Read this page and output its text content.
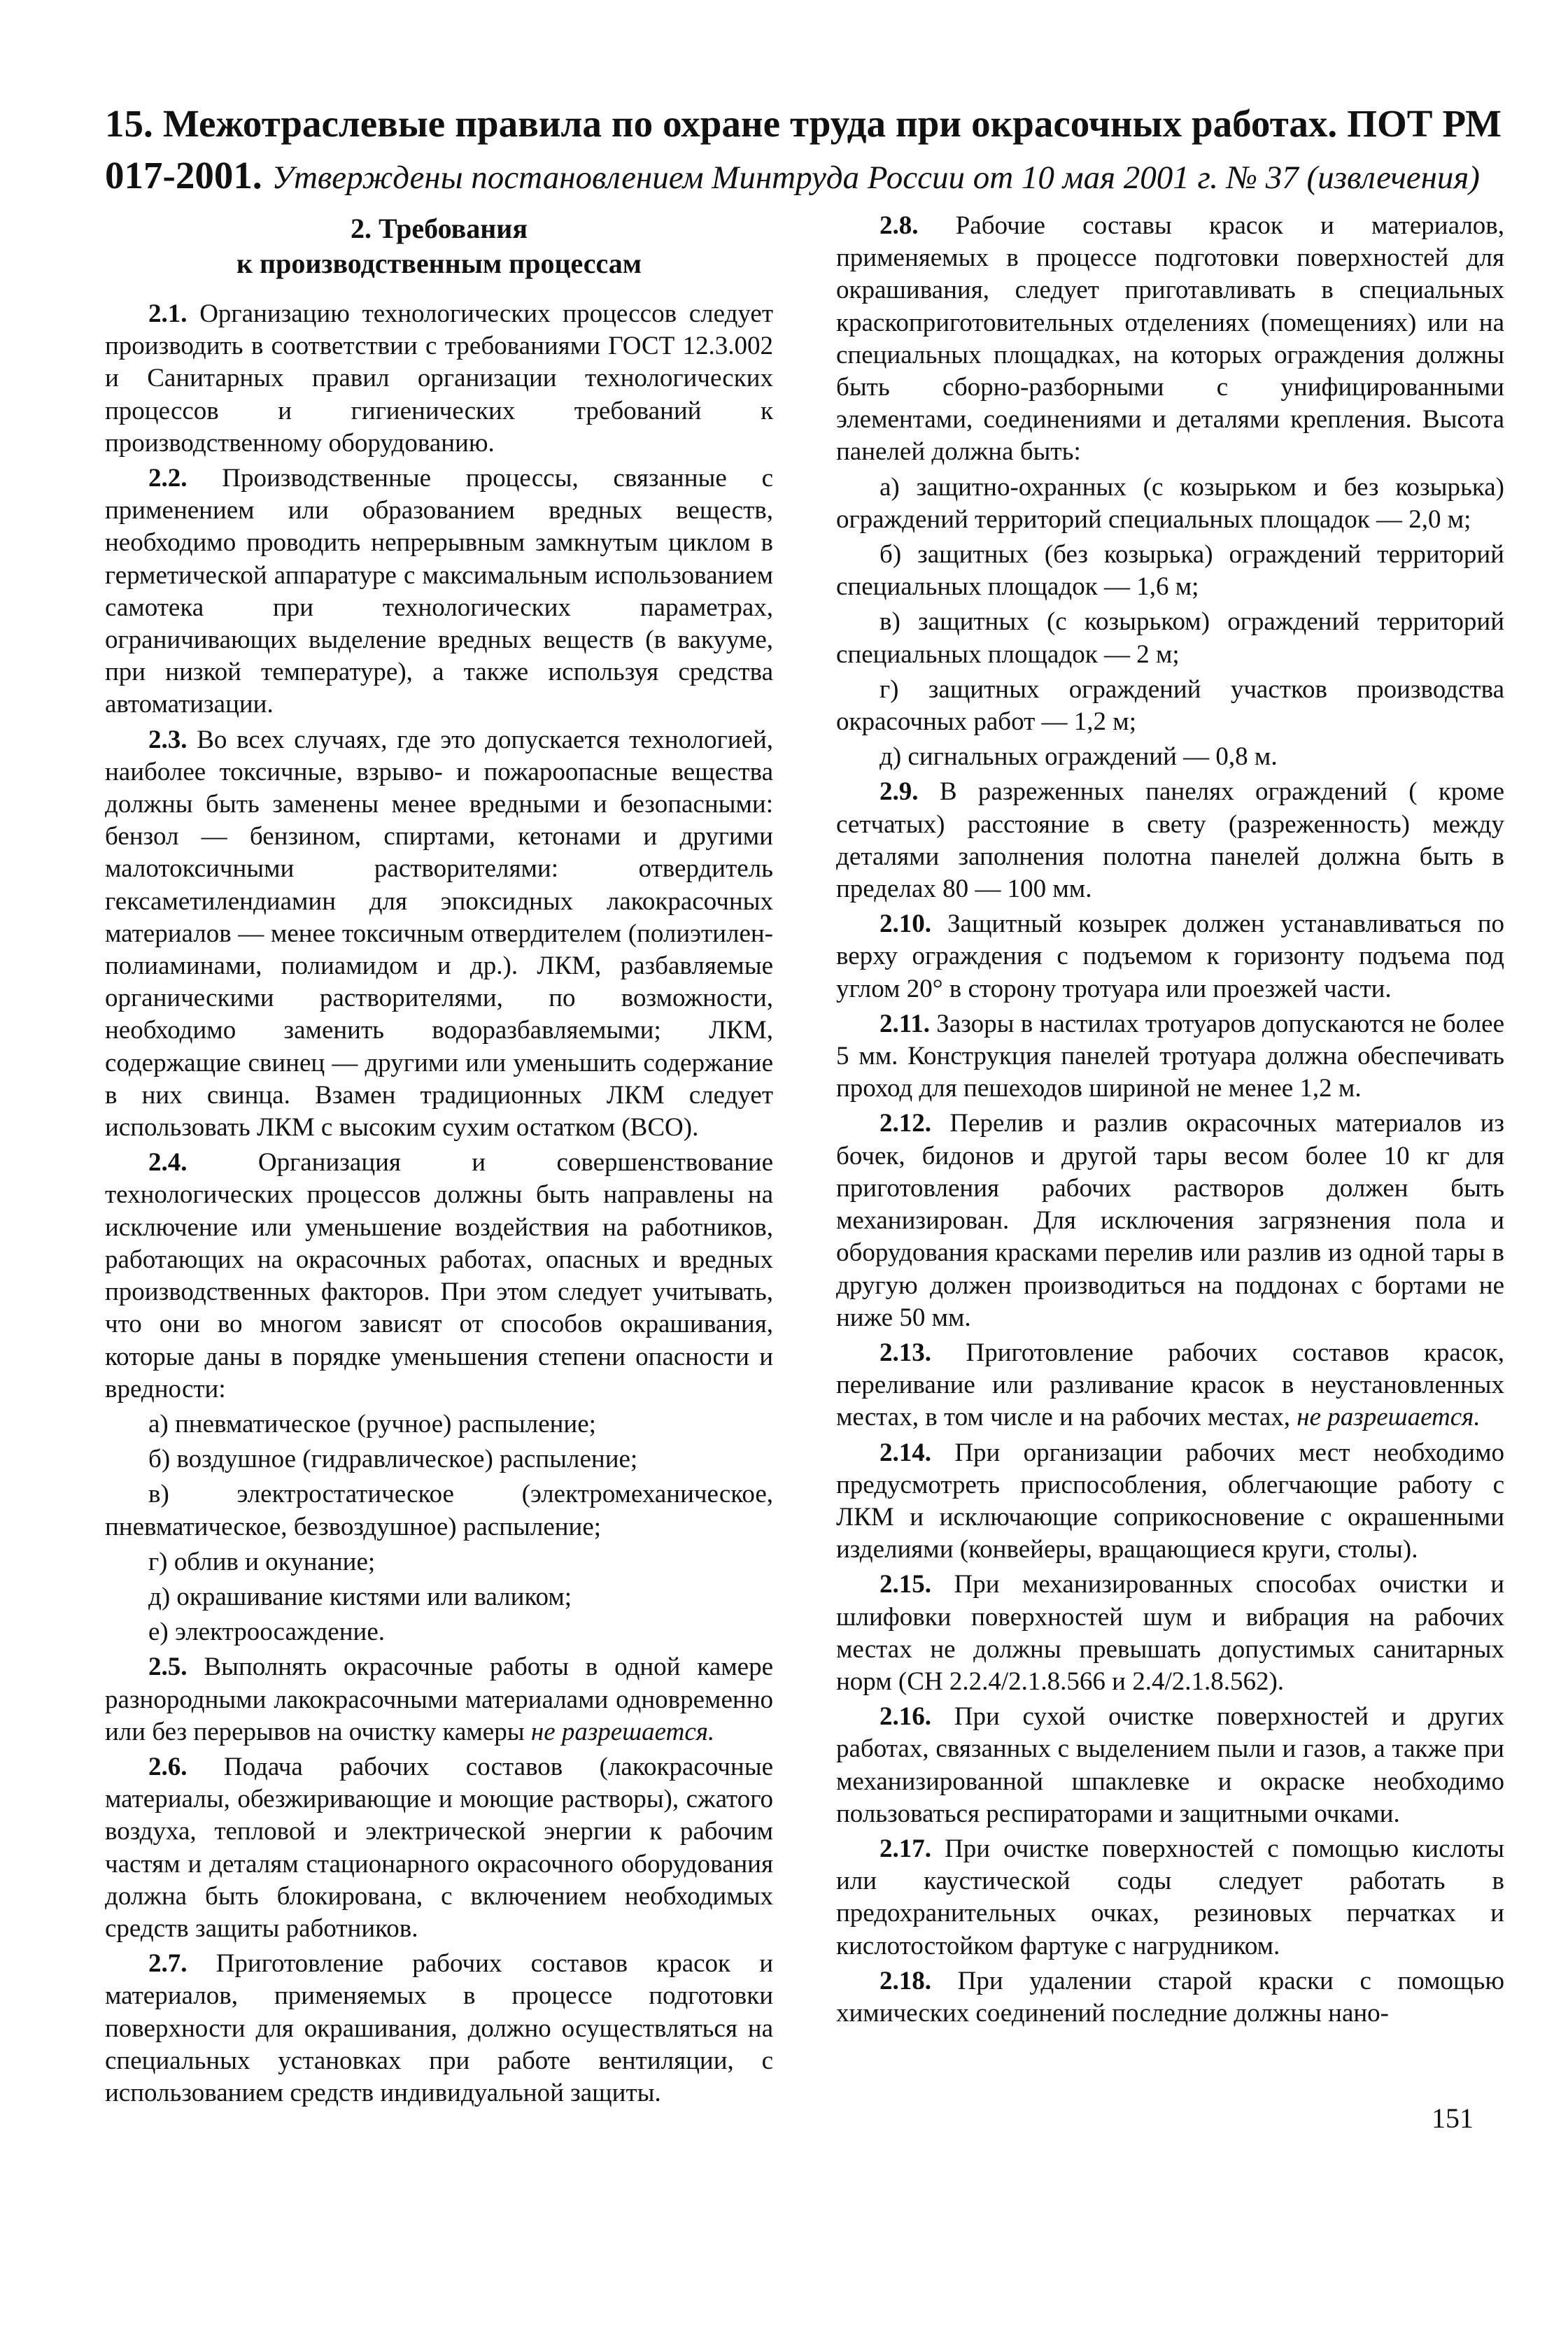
15. Межотраслевые правила по охране труда при окрасочных работах. ПОТ РМ 017-2001. Утверждены постановлением Минтруда России от 10 мая 2001 г. № 37 (извлечения)
2. Требования
к производственным процессам

2.1. Организацию технологических процессов следует производить в соответствии с требованиями ГОСТ 12.3.002 и Санитарных правил организации технологических процессов и гигиенических требований к производственному оборудованию.

2.2. Производственные процессы, связанные с применением или образованием вредных веществ, необходимо проводить непрерывным замкнутым циклом в герметической аппаратуре с максимальным использованием самотека при технологических параметрах, ограничивающих выделение вредных веществ (в вакууме, при низкой температуре), а также используя средства автоматизации.

2.3. Во всех случаях, где это допускается технологией, наиболее токсичные, взрыво- и пожароопасные вещества должны быть заменены менее вредными и безопасными: бензол — бензином, спиртами, кетонами и другими малотоксичными растворителями: отвердитель гексаметилендиамин для эпоксидных лакокрасочных материалов — менее токсичным отвердителем (полиэтилен-полиаминами, полиамидом и др.). ЛКМ, разбавляемые органическими растворителями, по возможности, необходимо заменить водоразбавляемыми; ЛКМ, содержащие свинец — другими или уменьшить содержание в них свинца. Взамен традиционных ЛКМ следует использовать ЛКМ с высоким сухим остатком (ВСО).

2.4.	Организация и совершенствование технологических процессов должны быть направлены на исключение или уменьшение воздействия на работников, работающих на окрасочных работах, опасных и вредных производственных факторов. При этом следует учитывать, что они во многом зависят от способов окрашивания, которые даны в порядке уменьшения степени опасности и вредности:

а) пневматическое (ручное) распыление;

б) воздушное (гидравлическое) распыление;

в) электростатическое (электромеханическое, пневматическое, безвоздушное) распыление;

г) облив и окунание;

д) окрашивание кистями или валиком;

е) электроосаждение.

2.5. Выполнять окрасочные работы в одной камере разнородными лакокрасочными материалами одновременно или без перерывов на очистку камеры не разрешается.

2.6. Подача рабочих составов (лакокрасочные материалы, обезжиривающие и моющие растворы), сжатого воздуха, тепловой и электрической энергии к рабочим частям и деталям стационарного окрасочного оборудования должна быть блокирована, с включением необходимых средств защиты работников.

2.7. Приготовление рабочих составов красок и материалов, применяемых в процессе подготовки поверхности для окрашивания, должно осуществляться на специальных установках при работе вентиляции, с использованием средств индивидуальной защиты.

2.8. Рабочие составы красок и материалов, применяемых в процессе подготовки поверхностей для окрашивания, следует приготавливать в специальных краскоприготовительных отделениях (помещениях) или на специальных площадках, на которых ограждения должны быть сборно-разборными с унифицированными элементами, соединениями и деталями крепления. Высота панелей должна быть:

а) защитно-охранных (с козырьком и без козырька) ограждений территорий специальных площадок — 2,0 м;

б) защитных (без козырька) ограждений территорий специальных площадок — 1,6 м;

в) защитных (с козырьком) ограждений территорий специальных площадок — 2 м;

г) защитных ограждений участков производства окрасочных работ — 1,2 м;

д) сигнальных ограждений — 0,8 м.

2.9. В разреженных панелях ограждений ( кроме сетчатых) расстояние в свету (разреженность) между деталями заполнения полотна панелей должна быть в пределах 80 — 100 мм.

2.10. Защитный козырек должен устанавливаться по верху ограждения с подъемом к горизонту подъема под углом 20° в сторону тротуара или проезжей части.

2.11. Зазоры в настилах тротуаров допускаются не более 5 мм. Конструкция панелей тротуара должна обеспечивать проход для пешеходов шириной не менее 1,2 м.

2.12. Перелив и разлив окрасочных материалов из бочек, бидонов и другой тары весом более 10 кг для приготовления рабочих растворов должен быть механизирован. Для исключения загрязнения пола и оборудования красками перелив или разлив из одной тары в другую должен производиться на поддонах с бортами не ниже 50 мм.

2.13. Приготовление рабочих составов красок, переливание или разливание красок в неустановленных местах, в том числе и на рабочих местах, не разрешается.

2.14. При организации рабочих мест необходимо предусмотреть приспособления, облегчающие работу с ЛКМ и исключающие соприкосновение с окрашенными изделиями (конвейеры, вращающиеся круги, столы).

2.15. При механизированных способах очистки и шлифовки поверхностей шум и вибрация на рабочих местах не должны превышать допустимых санитарных норм (СН 2.2.4/2.1.8.566 и 2.4/2.1.8.562).

2.16. При сухой очистке поверхностей и других работах, связанных с выделением пыли и газов, а также при механизированной шпаклевке и окраске необходимо пользоваться респираторами и защитными очками.

2.17. При очистке поверхностей с помощью кислоты или каустической соды следует работать в предохранительных очках, резиновых перчатках и кислотостойком фартуке с нагрудником.

2.18. При удалении старой краски с помощью химических соединений последние должны нано-

151
